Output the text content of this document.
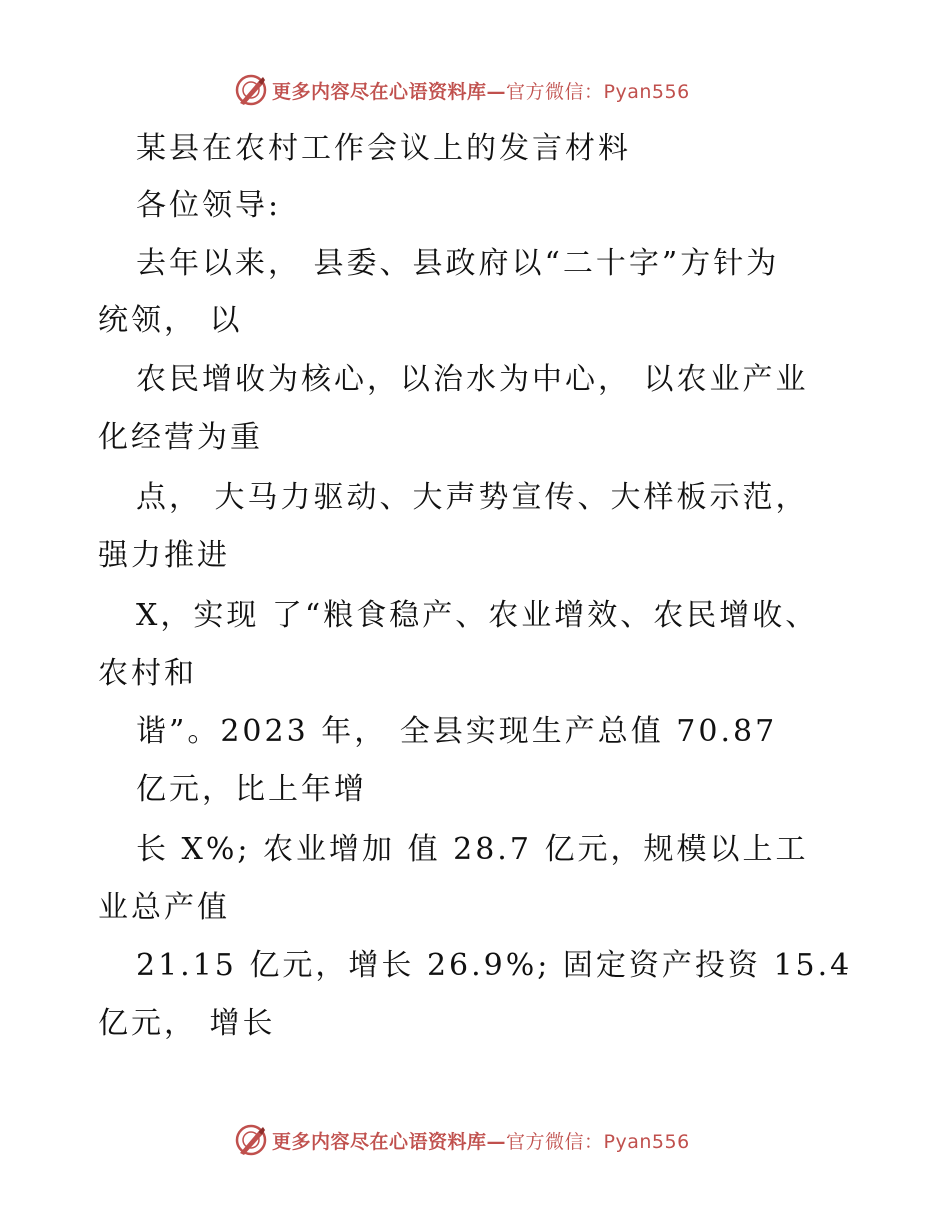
更多内容尽在心语资料库—官方微信：Pyan556
某县在农村工作会议上的发言材料
各位领导:
去年以来， 县委、县政府以“二十字”方针为
统领， 以
农民增收为核心，以治水为中心， 以农业产业
化经营为重
点， 大马力驱动、大声势宣传、大样板示范，
强力推进
X，实现 了“粮食稳产、农业增效、农民增收、
农村和
谐”。2023 年， 全县实现生产总值 70.87
亿元，比上年增
长 X%; 农业增加 值 28.7 亿元，规模以上工
业总产值
21.15 亿元，增长 26.9%; 固定资产投资 15.4
亿元， 增长
更多内容尽在心语资料库—官方微信：Pyan556
